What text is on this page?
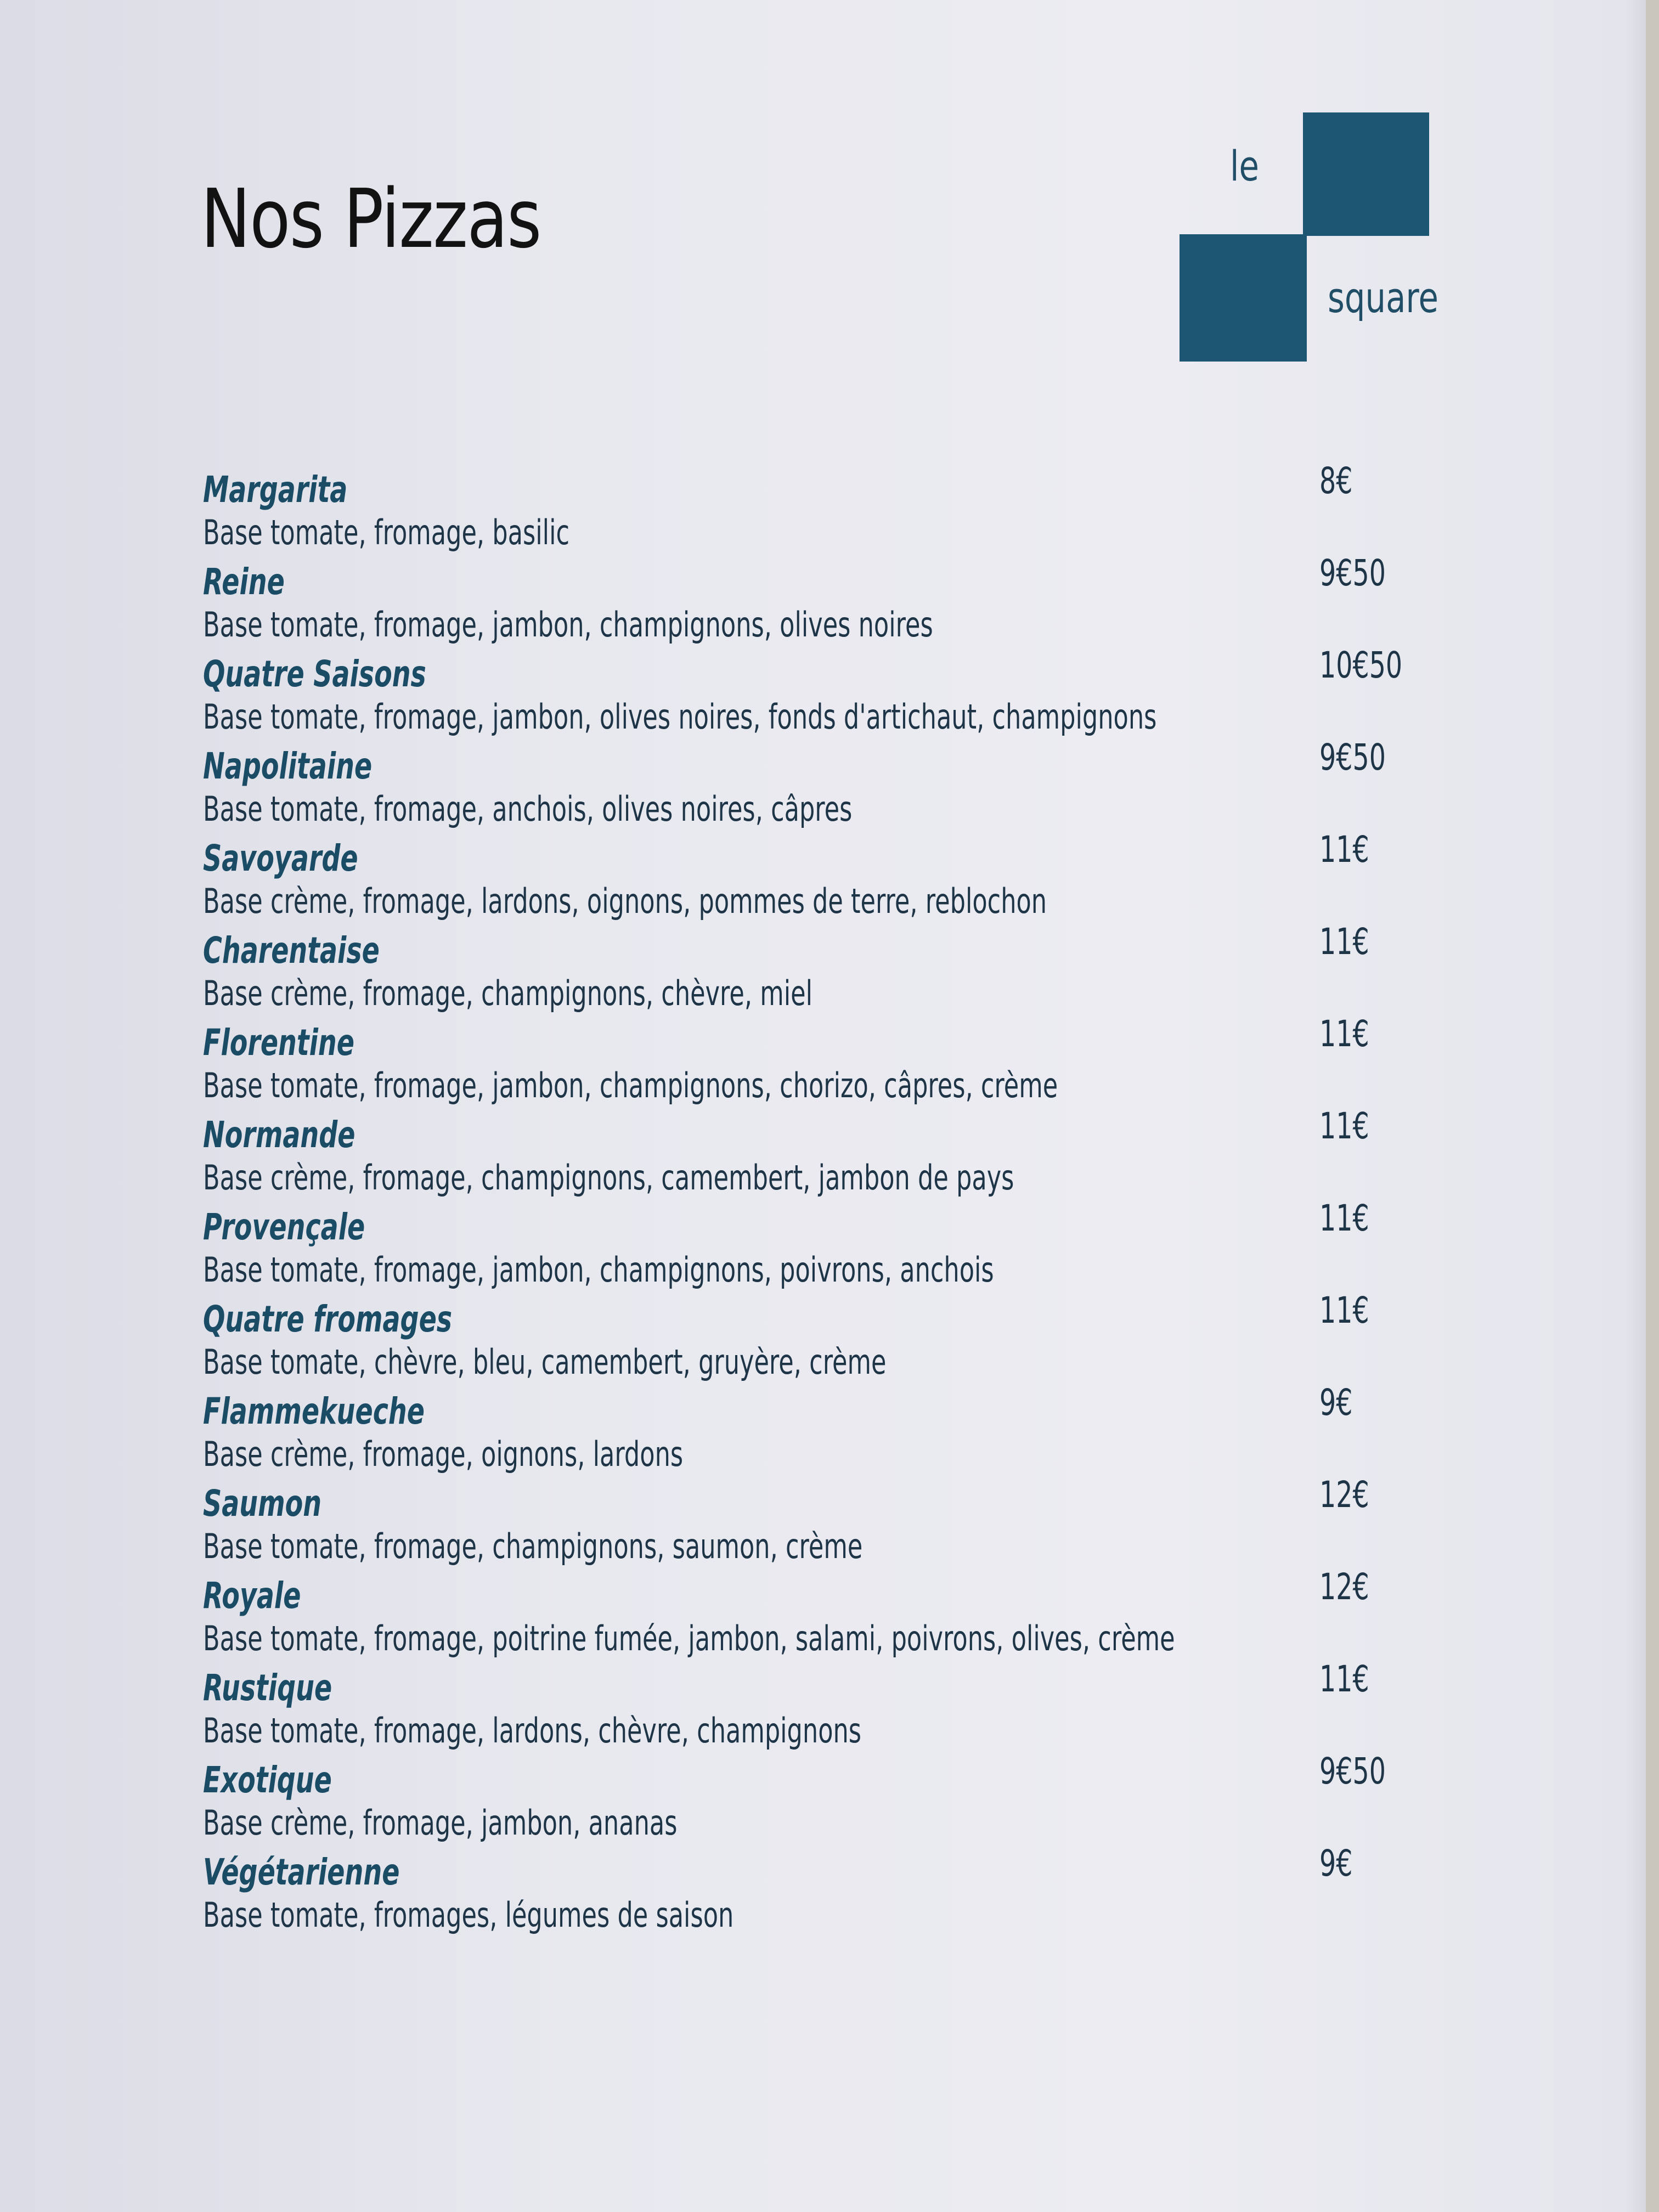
Nos Pizzas
le
square
Margarita	8€
Base tomate, fromage, basilic
Reine	9€50
Base tomate, fromage, jambon, champignons, olives noires
Quatre Saisons	10€50
Base tomate, fromage, jambon, olives noires, fonds d'artichaut, champignons
Napolitaine	9€50
Base tomate, fromage, anchois, olives noires, câpres
Savoyarde	11€
Base crème, fromage, lardons, oignons, pommes de terre, reblochon
Charentaise	11€
Base crème, fromage, champignons, chèvre, miel
Florentine	11€
Base tomate, fromage, jambon, champignons, chorizo, câpres, crème
Normande	11€
Base crème, fromage, champignons, camembert, jambon de pays
Provençale	11€
Base tomate, fromage, jambon, champignons, poivrons, anchois
Quatre fromages	11€
Base tomate, chèvre, bleu, camembert, gruyère, crème
Flammekueche	9€
Base crème, fromage, oignons, lardons
Saumon	12€
Base tomate, fromage, champignons, saumon, crème
Royale	12€
Base tomate, fromage, poitrine fumée, jambon, salami, poivrons, olives, crème
Rustique	11€
Base tomate, fromage, lardons, chèvre, champignons
Exotique	9€50
Base crème, fromage, jambon, ananas
Végétarienne	9€
Base tomate, fromages, légumes de saison
